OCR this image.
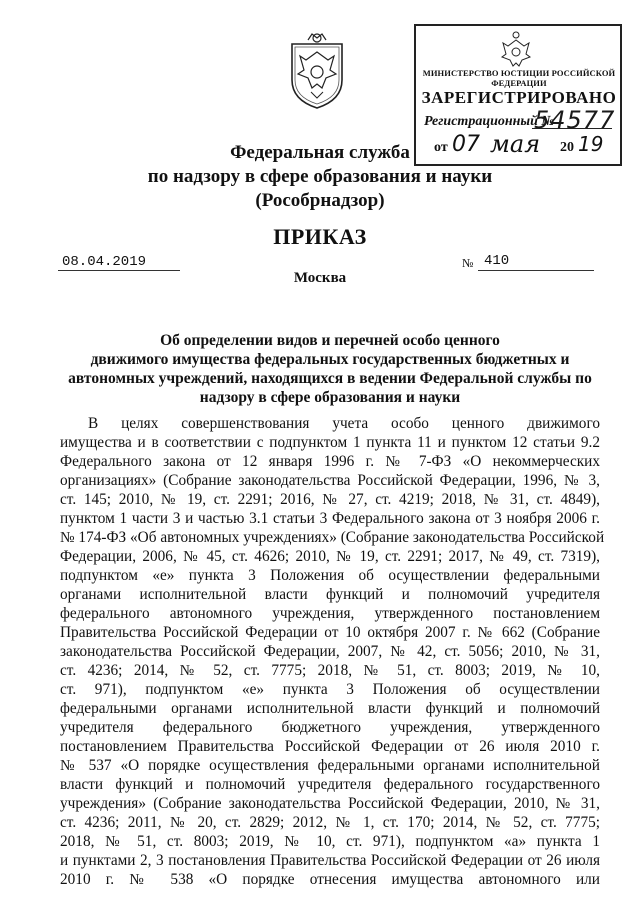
МИНИСТЕРСТВО ЮСТИЦИИ РОССИЙСКОЙ ФЕДЕРАЦИИ
ЗАРЕГИСТРИРОВАНО
Регистрационный №
54577
от 07 мая 20 19
Федеральная служба
по надзору в сфере образования и науки
(Рособрнадзор)
ПРИКАЗ
08.04.2019	№ 410
Москва
Об определении видов и перечней особо ценного
движимого имущества федеральных государственных бюджетных и
автономных учреждений, находящихся в ведении Федеральной службы по
надзору в сфере образования и науки
В целях совершенствования учета особо ценного движимого
имущества и в соответствии с подпунктом 1 пункта 11 и пунктом 12 статьи 9.2
Федерального закона от 12 января 1996 г. № 7-ФЗ «О некоммерческих
организациях» (Собрание законодательства Российской Федерации, 1996, № 3,
ст. 145; 2010, № 19, ст. 2291; 2016, № 27, ст. 4219; 2018, № 31, ст. 4849),
пунктом 1 части 3 и частью 3.1 статьи 3 Федерального закона от 3 ноября 2006 г.
№ 174-ФЗ «Об автономных учреждениях» (Собрание законодательства Российской
Федерации, 2006, № 45, ст. 4626; 2010, № 19, ст. 2291; 2017, № 49, ст. 7319),
подпунктом «е» пункта 3 Положения об осуществлении федеральными
органами исполнительной власти функций и полномочий учредителя
федерального автономного учреждения, утвержденного постановлением
Правительства Российской Федерации от 10 октября 2007 г. № 662 (Собрание
законодательства Российской Федерации, 2007, № 42, ст. 5056; 2010, № 31,
ст. 4236; 2014, № 52, ст. 7775; 2018, № 51, ст. 8003; 2019, № 10,
ст. 971), подпунктом «е» пункта 3 Положения об осуществлении
федеральными органами исполнительной власти функций и полномочий
учредителя федерального бюджетного учреждения, утвержденного
постановлением Правительства Российской Федерации от 26 июля 2010 г.
№ 537 «О порядке осуществления федеральными органами исполнительной
власти функций и полномочий учредителя федерального государственного
учреждения» (Собрание законодательства Российской Федерации, 2010, № 31,
ст. 4236; 2011, № 20, ст. 2829; 2012, № 1, ст. 170; 2014, № 52, ст. 7775;
2018, № 51, ст. 8003; 2019, № 10, ст. 971), подпунктом «а» пункта 1
и пунктами 2, 3 постановления Правительства Российской Федерации от 26 июля
2010 г. № 538 «О порядке отнесения имущества автономного или
